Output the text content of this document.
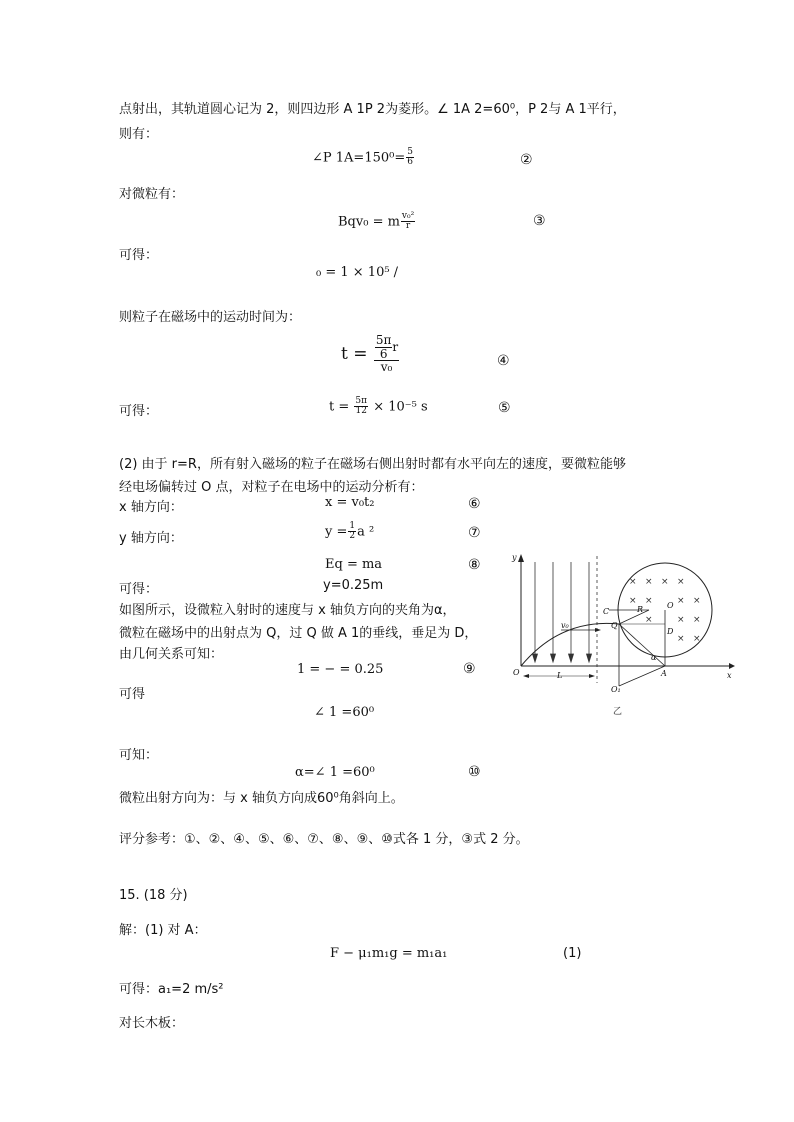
点射出，其轨道圆心记为 2，则四边形 A 1P 2为菱形。∠ 1A 2=60⁰，P 2与 A 1平行，
则有：
∠P $1A=150^0= \frac{5}{6}$	②
对微粒有：
Bqv₀ = m $\frac{\text{v₀²}}{r}$	③
可得：
₀ = 1 × 10⁵ /
则粒子在磁场中的运动时间为：
$t = \frac{\frac{5\pi}{6} r}{\text{v₀}}$	④
可得：	$t = \frac{5\pi}{12} \times 10^{-5}$ s	⑤
(2) 由于 r=R，所有射入磁场的粒子在磁场右侧出射时都有水平向左的速度，要微粒能够
经电场偏转过 O 点，对粒子在电场中的运动分析有：
x 轴方向：	x = v₀t₂	⑥
y 轴方向：	$y = \frac{1}{2}$ a ²	⑦
Eq = ma	⑧
可得：	y=0.25m
如图所示，设微粒入射时的速度与 x 轴负方向的夹角为α，
微粒在磁场中的出射点为 Q，过 Q 做 A 1的垂线，垂足为 D，
由几何关系可知：
1 = − = 0.25	⑨
可得
∠ 1 =60⁰
可知：
α=∠ 1 =60⁰	⑩
微粒出射方向为：与 x 轴负方向成60⁰角斜向上。
评分参考：①、②、④、⑤、⑥、⑦、⑧、⑨、⑩式各 1 分，③式 2 分。
15. (18 分)
解：(1) 对 A：
F − μ₁m₁g = m₁a₁	(1)
可得：a₁=2 m/s²
对长木板：
× × × ×
× ×	× ×
×	× ×
× ×
y
x
O	L
v₀
C
Q
R	O
D
A
O₁
α
乙
